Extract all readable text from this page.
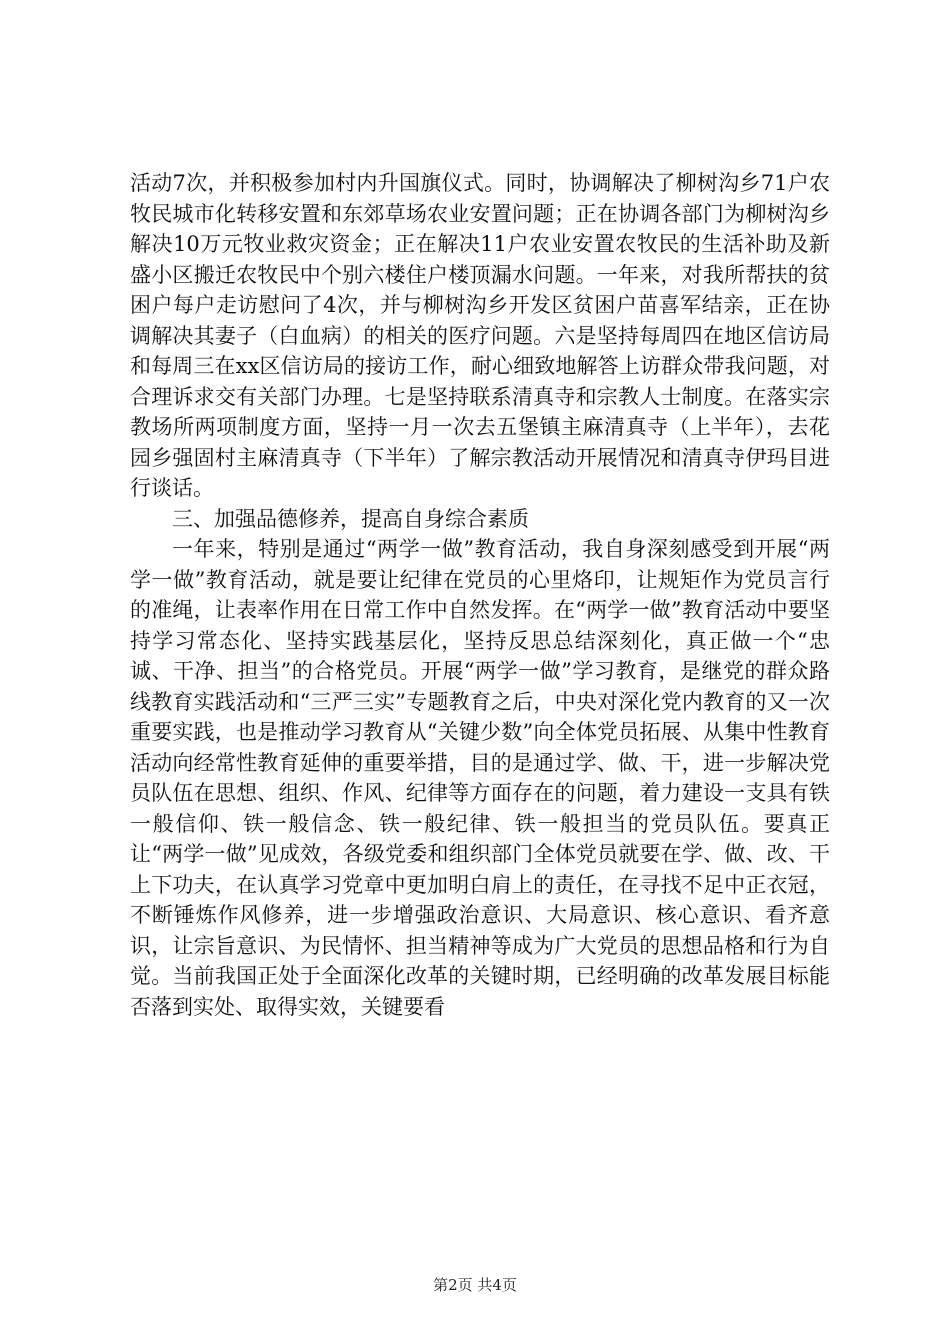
活动7次，并积极参加村内升国旗仪式。同时，协调解决了柳树沟乡71户农牧民城市化转移安置和东郊草场农业安置问题；正在协调各部门为柳树沟乡解决10万元牧业救灾资金；正在解决11户农业安置农牧民的生活补助及新盛小区搬迁农牧民中个别六楼住户楼顶漏水问题。一年来，对我所帮扶的贫困户每户走访慰问了4次，并与柳树沟乡开发区贫困户苗喜军结亲，正在协调解决其妻子（白血病）的相关的医疗问题。六是坚持每周四在地区信访局和每周三在xx区信访局的接访工作，耐心细致地解答上访群众带我问题，对合理诉求交有关部门办理。七是坚持联系清真寺和宗教人士制度。在落实宗教场所两项制度方面，坚持一月一次去五堡镇主麻清真寺（上半年），去花园乡强固村主麻清真寺（下半年）了解宗教活动开展情况和清真寺伊玛目进行谈话。

三、加强品德修养，提高自身综合素质

一年来，特别是通过“两学一做”教育活动，我自身深刻感受到开展“两学一做”教育活动，就是要让纪律在党员的心里烙印，让规矩作为党员言行的准绳，让表率作用在日常工作中自然发挥。在“两学一做”教育活动中要坚持学习常态化、坚持实践基层化，坚持反思总结深刻化，真正做一个“忠诚、干净、担当”的合格党员。开展“两学一做”学习教育，是继党的群众路线教育实践活动和“三严三实”专题教育之后，中央对深化党内教育的又一次重要实践，也是推动学习教育从“关键少数”向全体党员拓展、从集中性教育活动向经常性教育延伸的重要举措，目的是通过学、做、干，进一步解决党员队伍在思想、组织、作风、纪律等方面存在的问题，着力建设一支具有铁一般信仰、铁一般信念、铁一般纪律、铁一般担当的党员队伍。要真正让“两学一做”见成效，各级党委和组织部门全体党员就要在学、做、改、干上下功夫，在认真学习党章中更加明白肩上的责任，在寻找不足中正衣冠，不断锤炼作风修养，进一步增强政治意识、大局意识、核心意识、看齐意识，让宗旨意识、为民情怀、担当精神等成为广大党员的思想品格和行为自觉。当前我国正处于全面深化改革的关键时期，已经明确的改革发展目标能否落到实处、取得实效，关键要看

第2页 共4页
